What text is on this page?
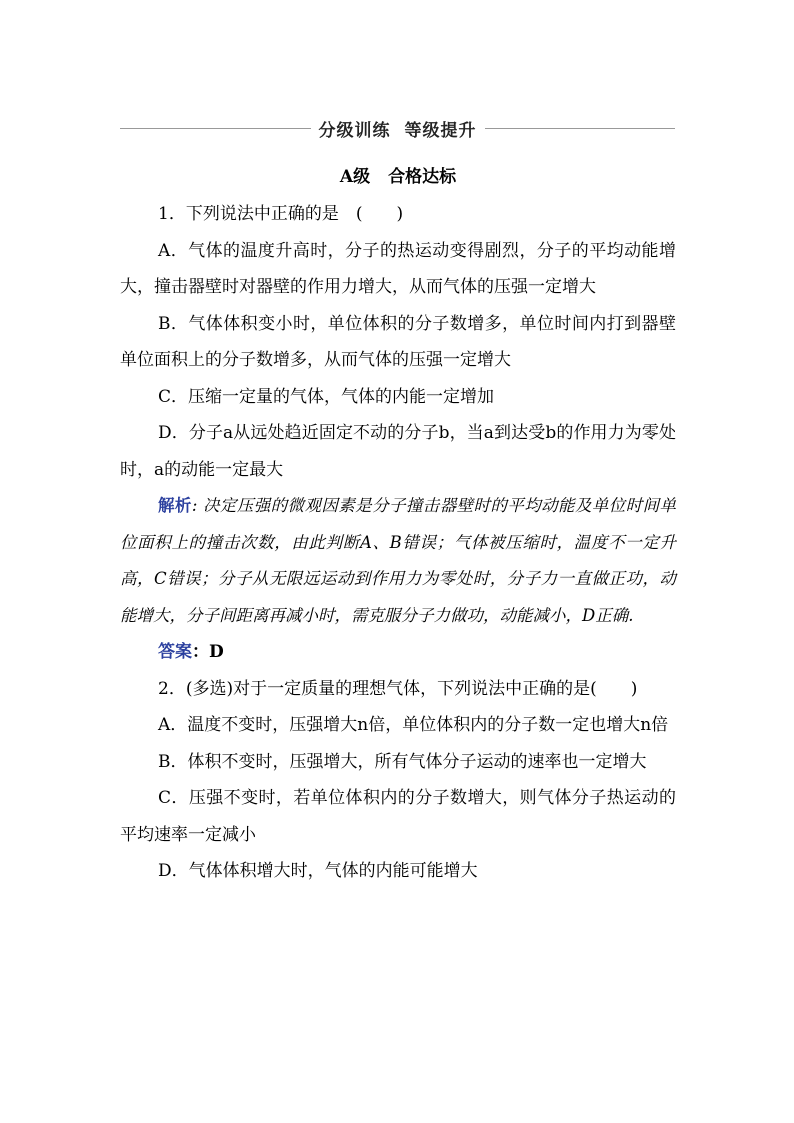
分级训练 等级提升
A级 合格达标

1．下列说法中正确的是　(　　)

A．气体的温度升高时，分子的热运动变得剧烈，分子的平均动能增大，撞击器壁时对器壁的作用力增大，从而气体的压强一定增大

B．气体体积变小时，单位体积的分子数增多，单位时间内打到器壁单位面积上的分子数增多，从而气体的压强一定增大

C．压缩一定量的气体，气体的内能一定增加

D．分子a从远处趋近固定不动的分子b，当a到达受b的作用力为零处时，a的动能一定最大

解析: 决定压强的微观因素是分子撞击器壁时的平均动能及单位时间单位面积上的撞击次数，由此判断A、B错误；气体被压缩时，温度不一定升高，C错误；分子从无限远运动到作用力为零处时，分子力一直做正功，动能增大，分子间距离再减小时，需克服分子力做功，动能减小，D正确.

答案：D

2．(多选)对于一定质量的理想气体，下列说法中正确的是(　　)

A．温度不变时，压强增大n倍，单位体积内的分子数一定也增大n倍

B．体积不变时，压强增大，所有气体分子运动的速率也一定增大

C．压强不变时，若单位体积内的分子数增大，则气体分子热运动的平均速率一定减小

D．气体体积增大时，气体的内能可能增大
